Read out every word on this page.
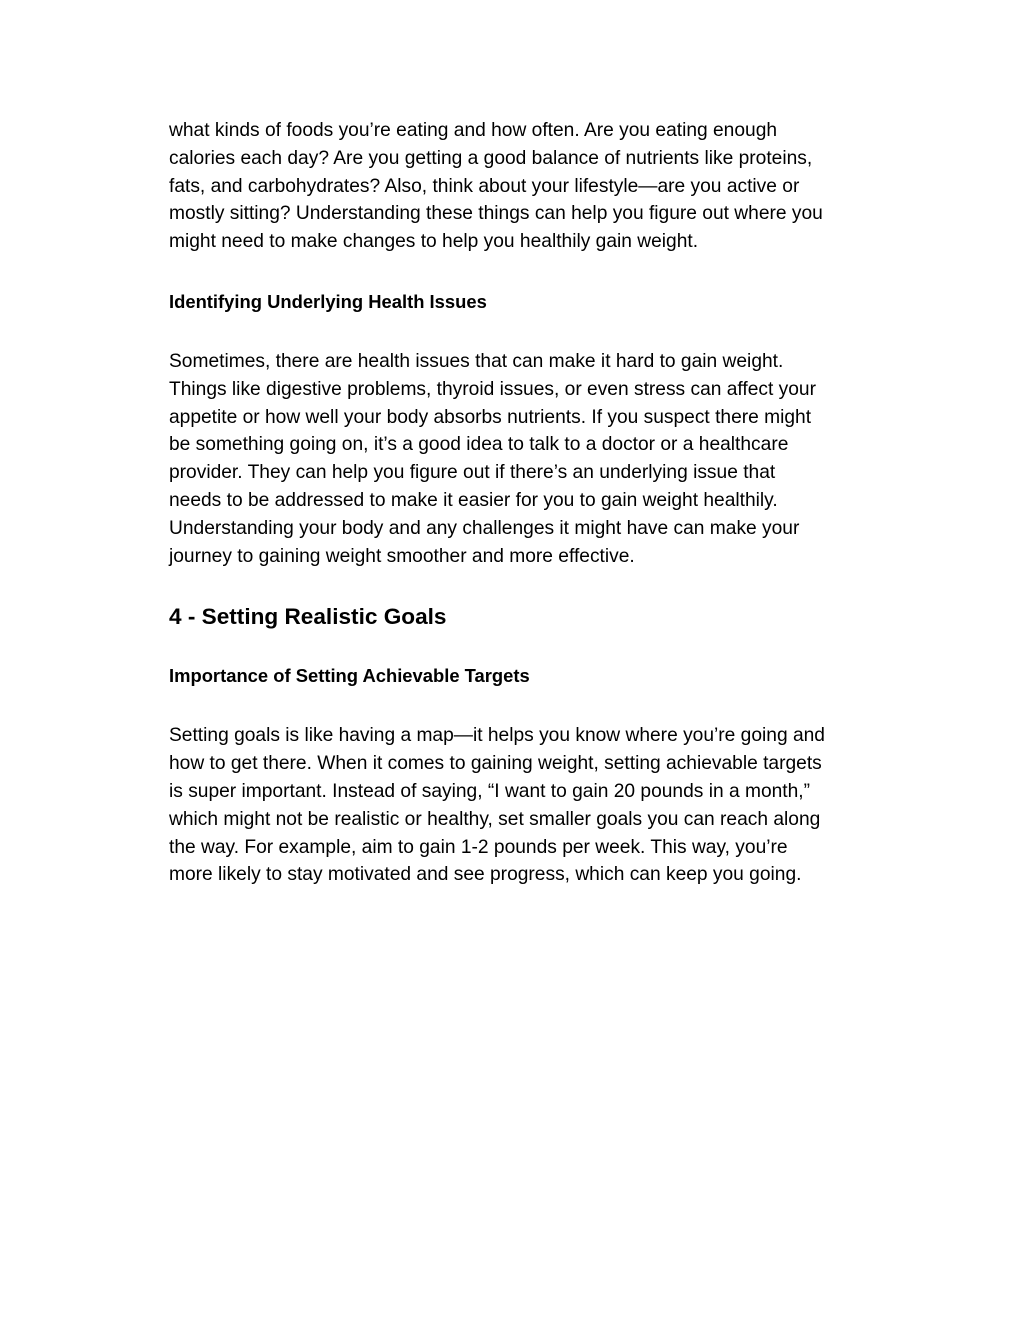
what kinds of foods you’re eating and how often. Are you eating enough
calories each day? Are you getting a good balance of nutrients like proteins,
fats, and carbohydrates? Also, think about your lifestyle—are you active or
mostly sitting? Understanding these things can help you figure out where you
might need to make changes to help you healthily gain weight.

Identifying Underlying Health Issues

Sometimes, there are health issues that can make it hard to gain weight.
Things like digestive problems, thyroid issues, or even stress can affect your
appetite or how well your body absorbs nutrients. If you suspect there might
be something going on, it’s a good idea to talk to a doctor or a healthcare
provider. They can help you figure out if there’s an underlying issue that
needs to be addressed to make it easier for you to gain weight healthily.
Understanding your body and any challenges it might have can make your
journey to gaining weight smoother and more effective.

4 - Setting Realistic Goals
Importance of Setting Achievable Targets

Setting goals is like having a map—it helps you know where you’re going and
how to get there. When it comes to gaining weight, setting achievable targets
is super important. Instead of saying, “I want to gain 20 pounds in a month,”
which might not be realistic or healthy, set smaller goals you can reach along
the way. For example, aim to gain 1-2 pounds per week. This way, you’re
more likely to stay motivated and see progress, which can keep you going.
